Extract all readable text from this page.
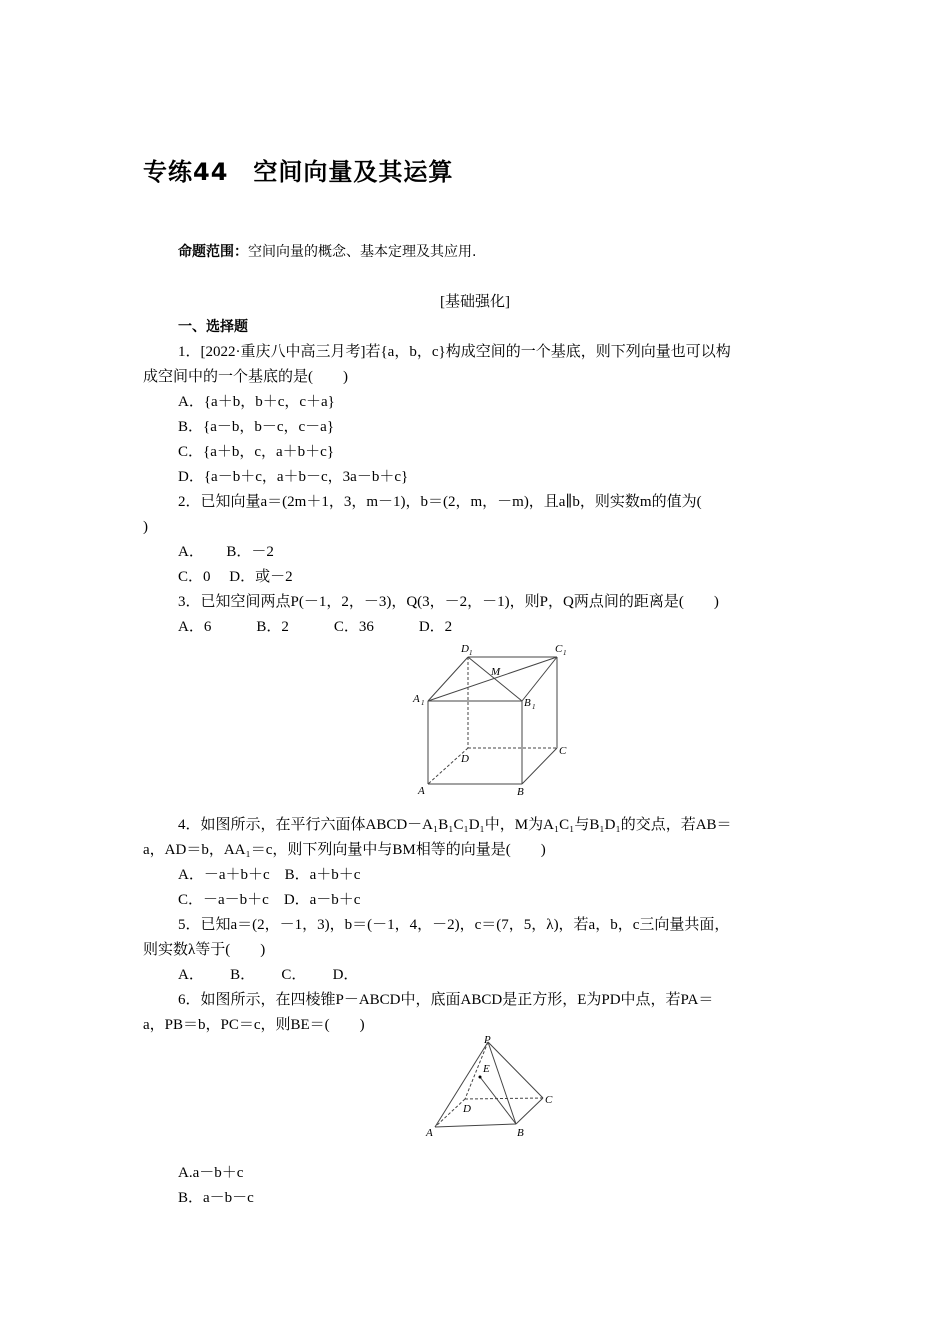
专练44　空间向量及其运算
命题范围：空间向量的概念、基本定理及其应用.
[基础强化]
一、选择题
1．[2022·重庆八中高三月考]若{a，b，c}构成空间的一个基底，则下列向量也可以构
成空间中的一个基底的是(　　)
A．{a＋b，b＋c，c＋a}
B．{a－b，b－c，c－a}
C．{a＋b，c，a＋b＋c}
D．{a－b＋c，a＋b－c，3a－b＋c}
2．已知向量a＝(2m＋1，3，m－1)，b＝(2，m，－m)，且a∥b，则实数m的值为(
)
A．　　B．－2
C．0　 D．或－2
3．已知空间两点P(－1，2，－3)，Q(3，－2，－1)，则P，Q两点间的距离是(　　)
A．6　　　B．2　　　C．36　　　D．2
D 1	C 1
M
A 1	B 1
D
C
A	B
4．如图所示，在平行六面体ABCD－A₁B₁C₁D₁中，M为A₁C₁与B₁D₁的交点，若AB＝
a，AD＝b，AA₁＝c，则下列向量中与BM相等的向量是(　　)
A．－a＋b＋c　B．a＋b＋c
C．－a－b＋c　D．a－b＋c
5．已知a＝(2，－1，3)，b＝(－1，4，－2)，c＝(7，5，λ)，若a，b，c三向量共面，
则实数λ等于(　　)
A．　　 B．　　 C．　　 D．
6．如图所示，在四棱锥P－ABCD中，底面ABCD是正方形，E为PD中点，若PA＝
a，PB＝b，PC＝c，则BE＝(　　)
P
E
D
C
A	B
A.a－b＋c
B．a－b－c
